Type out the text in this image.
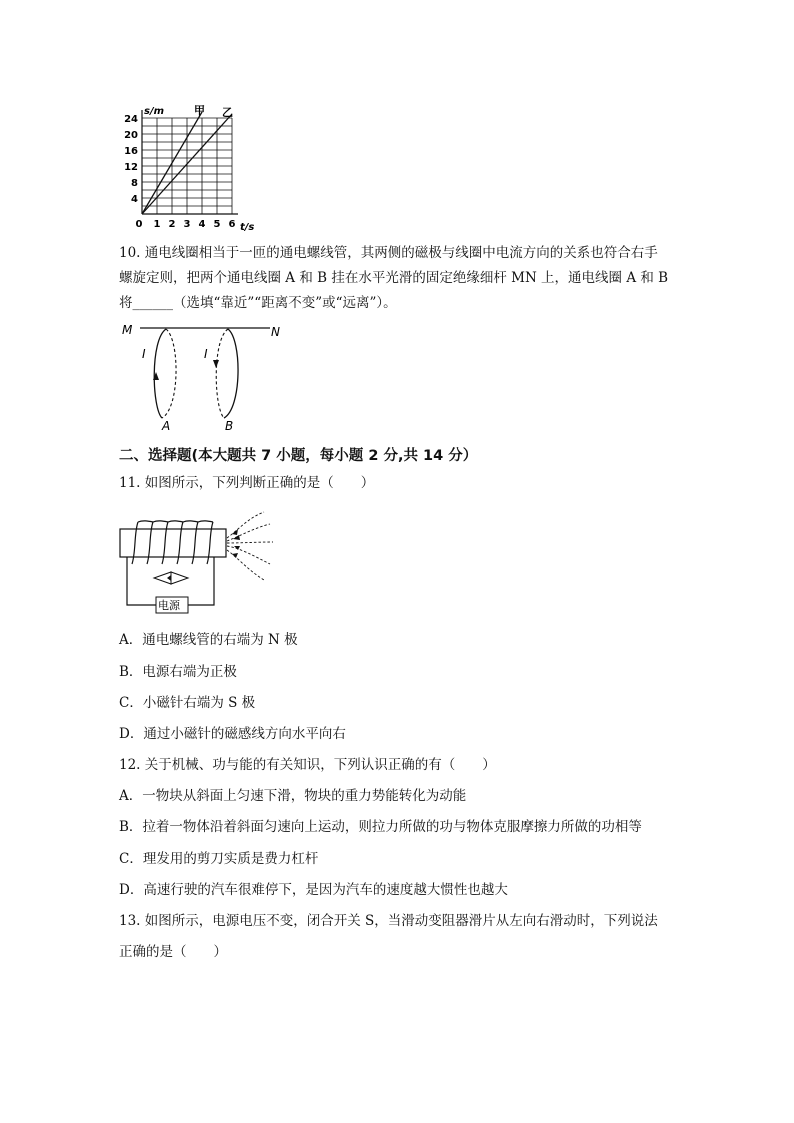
s/m
t/s
甲 乙
24
20
16
12
8
4
0 1 2 3 4 5 6
10. 通电线圈相当于一匝的通电螺线管，其两侧的磁极与线圈中电流方向的关系也符合右手
螺旋定则，把两个通电线圈 A 和 B 挂在水平光滑的固定绝缘细杆 MN 上，通电线圈 A 和 B
将______（选填“靠近”“距离不变”或“远离”）。
M	N
I
A
I
B
二、选择题(本大题共 7 小题，每小题 2 分,共 14 分）
11. 如图所示，下列判断正确的是（　　）
电源
A．通电螺线管的右端为 N 极
B．电源右端为正极
C．小磁针右端为 S 极
D．通过小磁针的磁感线方向水平向右
12. 关于机械、功与能的有关知识，下列认识正确的有（　　）
A．一物块从斜面上匀速下滑，物块的重力势能转化为动能
B．拉着一物体沿着斜面匀速向上运动，则拉力所做的功与物体克服摩擦力所做的功相等
C．理发用的剪刀实质是费力杠杆
D．高速行驶的汽车很难停下，是因为汽车的速度越大惯性也越大
13. 如图所示，电源电压不变，闭合开关 S，当滑动变阻器滑片从左向右滑动时，下列说法
正确的是（　　）
